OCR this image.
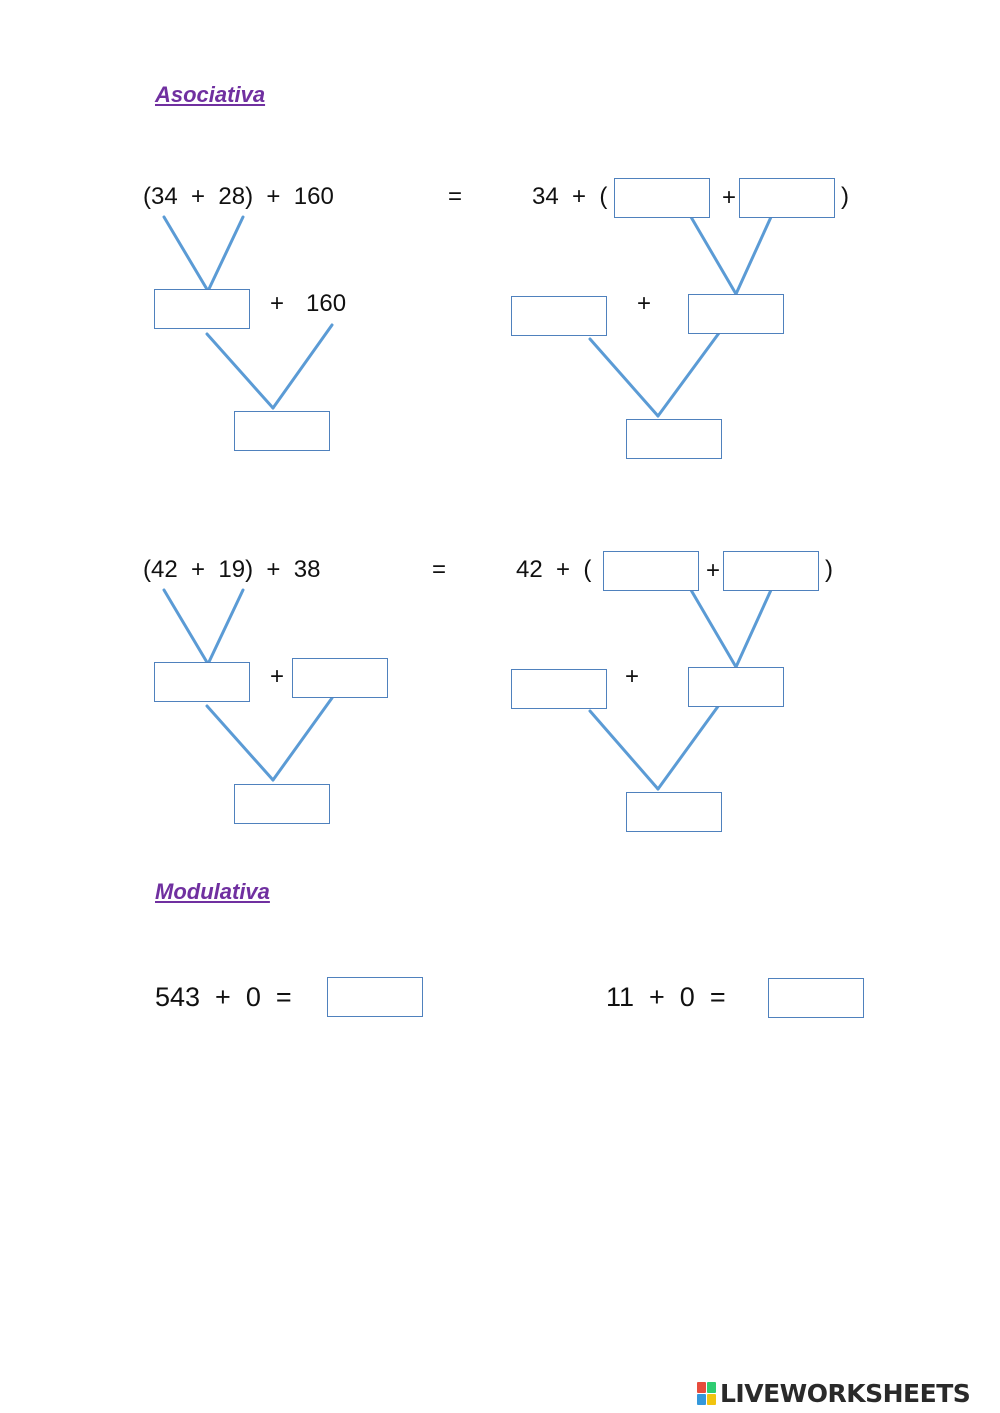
Asociativa
(34  +  28)  +  160	=	34  +  (	+	)
+ 160	+
(42  +  19)  +  38	=	42  +  (	+	)
+	+
Modulativa
543  +  0  =	11  +  0  =
LIVEWORKSHEETS
